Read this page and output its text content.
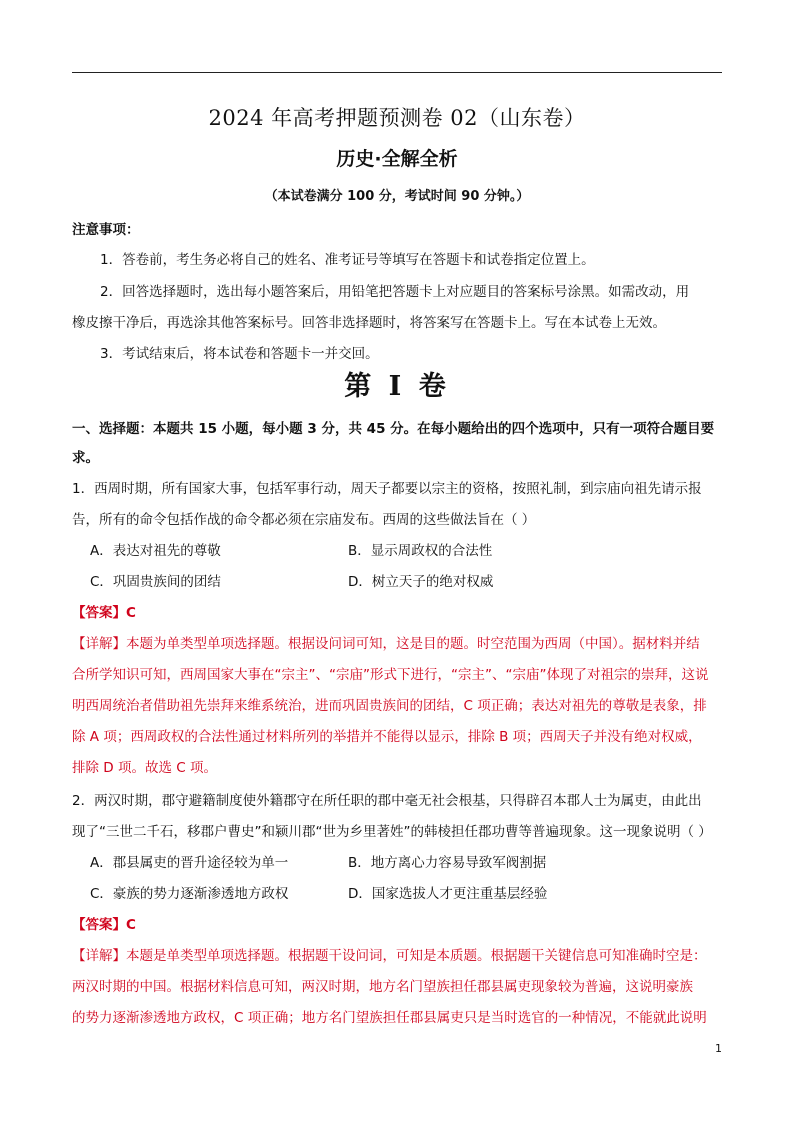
2024 年高考押题预测卷 02（山东卷）
历史·全解全析
（本试卷满分 100 分，考试时间 90 分钟。）
注意事项：
1．答卷前，考生务必将自己的姓名、准考证号等填写在答题卡和试卷指定位置上。
2．回答选择题时，选出每小题答案后，用铅笔把答题卡上对应题目的答案标号涂黑。如需改动，用
橡皮擦干净后，再选涂其他答案标号。回答非选择题时，将答案写在答题卡上。写在本试卷上无效。
3．考试结束后，将本试卷和答题卡一并交回。
第 I 卷
一、选择题：本题共 15 小题，每小题 3 分，共 45 分。在每小题给出的四个选项中，只有一项符合题目要
求。
1．西周时期，所有国家大事，包括军事行动，周天子都要以宗主的资格，按照礼制，到宗庙向祖先请示报
告，所有的命令包括作战的命令都必须在宗庙发布。西周的这些做法旨在（ ）
A．表达对祖先的尊敬	B．显示周政权的合法性
C．巩固贵族间的团结	D．树立天子的绝对权威
【答案】C
【详解】本题为单类型单项选择题。根据设问词可知，这是目的题。时空范围为西周（中国）。据材料并结
合所学知识可知，西周国家大事在“宗主”、“宗庙”形式下进行，“宗主”、“宗庙”体现了对祖宗的崇拜，这说
明西周统治者借助祖先崇拜来维系统治，进而巩固贵族间的团结，C 项正确；表达对祖先的尊敬是表象，排
除 A 项；西周政权的合法性通过材料所列的举措并不能得以显示，排除 B 项；西周天子并没有绝对权威，
排除 D 项。故选 C 项。
2．两汉时期，郡守避籍制度使外籍郡守在所任职的郡中毫无社会根基，只得辟召本郡人士为属吏，由此出
现了“三世二千石，移郡户曹史”和颍川郡“世为乡里著姓”的韩棱担任郡功曹等普遍现象。这一现象说明（ ）
A．郡县属吏的晋升途径较为单一	B．地方离心力容易导致军阀割据
C．豪族的势力逐渐渗透地方政权	D．国家选拔人才更注重基层经验
【答案】C
【详解】本题是单类型单项选择题。根据题干设问词，可知是本质题。根据题干关键信息可知准确时空是：
两汉时期的中国。根据材料信息可知，两汉时期，地方名门望族担任郡县属吏现象较为普遍，这说明豪族
的势力逐渐渗透地方政权，C 项正确；地方名门望族担任郡县属吏只是当时选官的一种情况，不能就此说明
1
